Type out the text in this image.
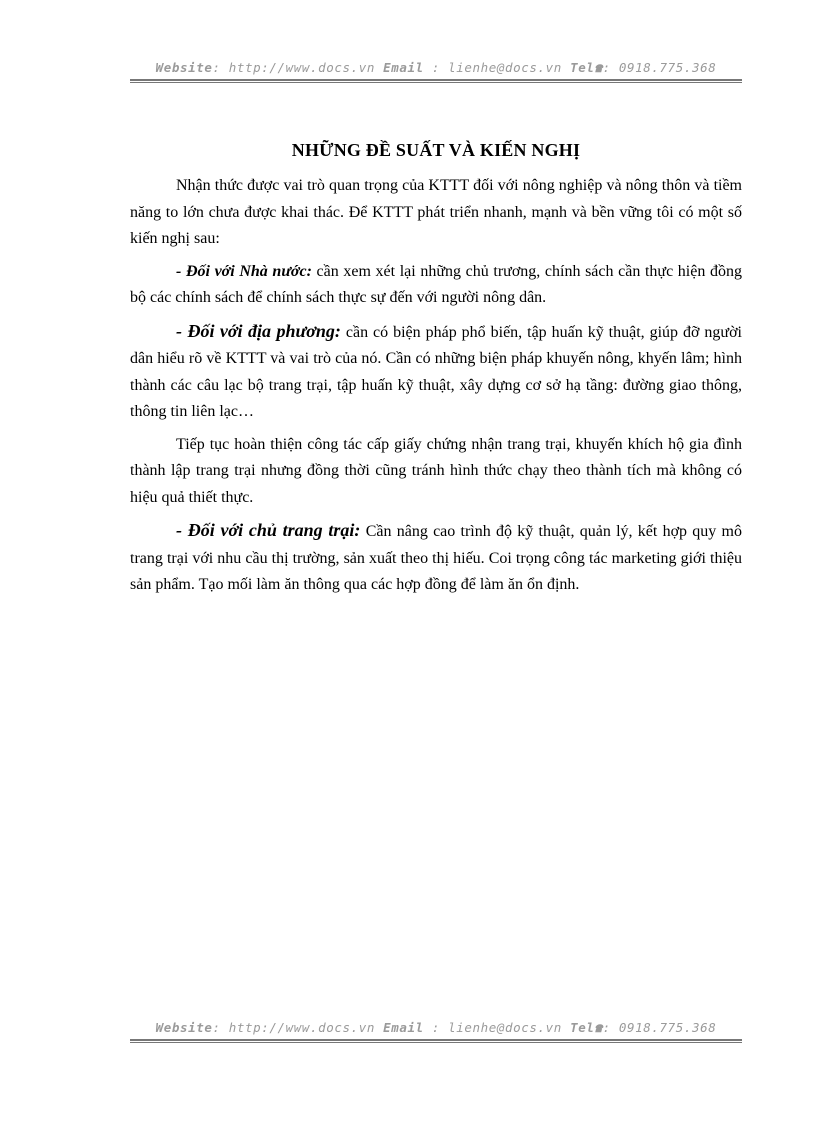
Website: http://www.docs.vn Email : lienhe@docs.vn Tel☎: 0918.775.368
NHỮNG ĐỀ SUẤT VÀ KIẾN NGHỊ

Nhận thức được vai trò quan trọng của KTTT đối với nông nghiệp và nông thôn và tiềm năng to lớn chưa được khai thác. Để KTTT phát triển nhanh, mạnh và bền vững tôi có một số kiến nghị sau:

- Đối với Nhà nước: cần xem xét lại những chủ trương, chính sách cần thực hiện đồng bộ các chính sách để chính sách thực sự đến với người nông dân.

- Đối với địa phương: cần có biện pháp phổ biến, tập huấn kỹ thuật, giúp đỡ người dân hiểu rõ về KTTT và vai trò của nó. Cần có những biện pháp khuyến nông, khyến lâm; hình thành các câu lạc bộ trang trại, tập huấn kỹ thuật, xây dựng cơ sở hạ tầng: đường giao thông, thông tin liên lạc…

Tiếp tục hoàn thiện công tác cấp giấy chứng nhận trang trại, khuyến khích hộ gia đình thành lập trang trại nhưng đồng thời cũng tránh hình thức chạy theo thành tích mà không có hiệu quả thiết thực.

- Đối với chủ trang trại: Cần nâng cao trình độ kỹ thuật, quản lý, kết hợp quy mô trang trại với nhu cầu thị trường, sản xuất theo thị hiếu. Coi trọng công tác marketing giới thiệu sản phẩm. Tạo mối làm ăn thông qua các hợp đồng để làm ăn ổn định.

Website: http://www.docs.vn Email : lienhe@docs.vn Tel☎: 0918.775.368
